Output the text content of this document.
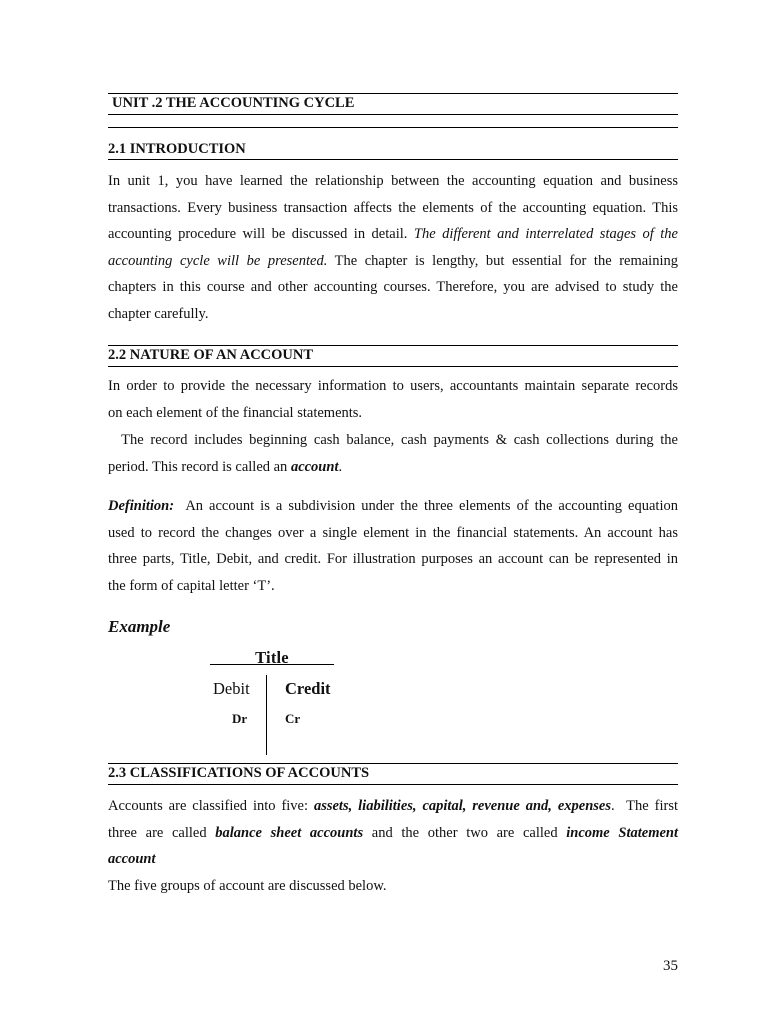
UNIT .2 THE ACCOUNTING CYCLE
2.1 INTRODUCTION
In unit 1, you have learned the relationship between the accounting equation and business
transactions. Every business transaction affects the elements of the accounting equation. This
accounting procedure will be discussed in detail. The different and interrelated stages of the
accounting cycle will be presented. The chapter is lengthy, but essential for the remaining
chapters in this course and other accounting courses. Therefore, you are advised to study the
chapter carefully.
2.2 NATURE OF AN ACCOUNT
In order to provide the necessary information to users, accountants maintain separate records
on each element of the financial statements.
The record includes beginning cash balance, cash payments & cash collections during the
period. This record is called an account.
Definition:  An account is a subdivision under the three elements of the accounting equation
used to record the changes over a single element in the financial statements. An account has
three parts, Title, Debit, and credit. For illustration purposes an account can be represented in
the form of capital letter ‘T’.
Example
Title
Debit Credit
Dr	Cr
2.3 CLASSIFICATIONS OF ACCOUNTS
Accounts are classified into five: assets, liabilities, capital, revenue and, expenses.  The first
three are called balance sheet accounts and the other two are called income Statement
account
The five groups of account are discussed below.
35
